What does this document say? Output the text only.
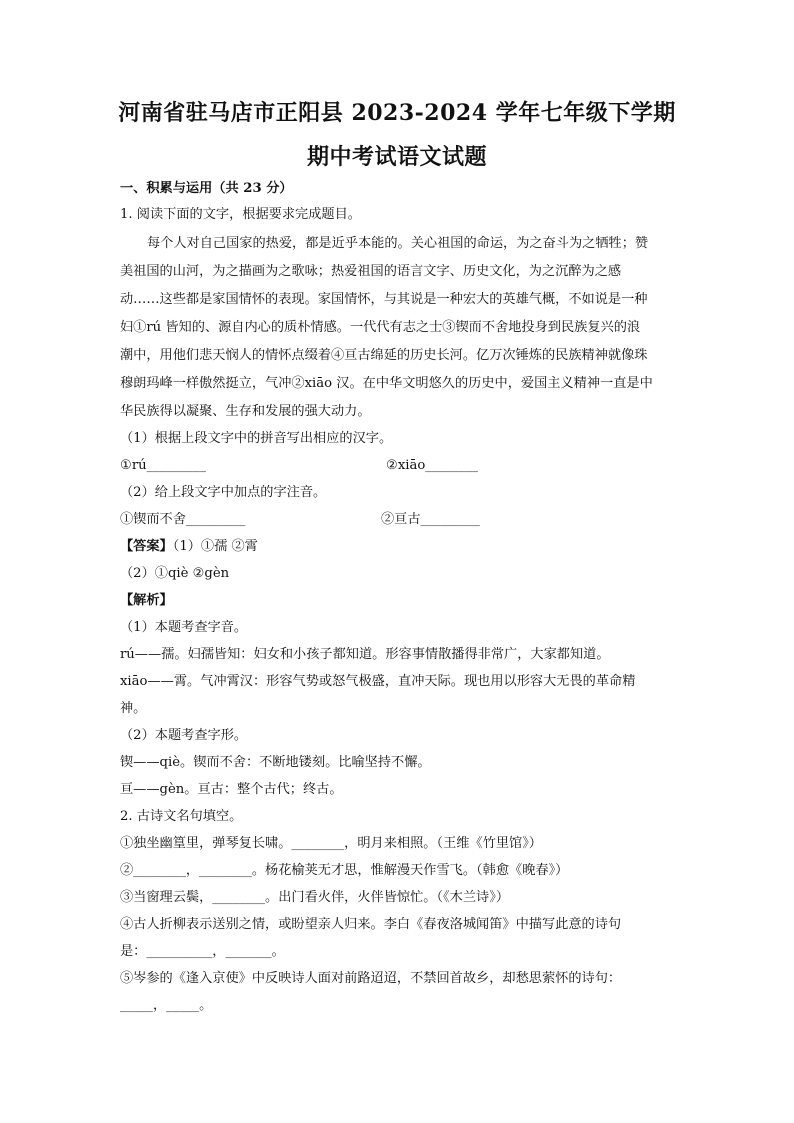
河南省驻马店市正阳县 2023-2024 学年七年级下学期
期中考试语文试题
一、积累与运用（共 23 分）
1. 阅读下面的文字，根据要求完成题目。
每个人对自己国家的热爱，都是近乎本能的。关心祖国的命运，为之奋斗为之牺牲；赞
美祖国的山河，为之描画为之歌咏；热爱祖国的语言文字、历史文化，为之沉醉为之感
动……这些都是家国情怀的表现。家国情怀，与其说是一种宏大的英雄气概，不如说是一种
妇①rú 皆知的、源自内心的质朴情感。一代代有志之士③锲而不舍地投身到民族复兴的浪
潮中，用他们悲天悯人的情怀点缀着④亘古绵延的历史长河。亿万次锤炼的民族精神就像珠
穆朗玛峰一样傲然挺立，气冲②xiāo 汉。在中华文明悠久的历史中，爱国主义精神一直是中
华民族得以凝聚、生存和发展的强大动力。
（1）根据上段文字中的拼音写出相应的汉字。
①rú_________	②xiāo________
（2）给上段文字中加点的字注音。
①锲而不舍_________	②亘古_________
【答案】（1）①孺 ②霄
（2）①qiè ②gèn
【解析】
（1）本题考查字音。
rú——孺。妇孺皆知：妇女和小孩子都知道。形容事情散播得非常广，大家都知道。
xiāo——霄。气冲霄汉：形容气势或怒气极盛，直冲天际。现也用以形容大无畏的革命精
神。
（2）本题考查字形。
锲——qiè。锲而不舍：不断地镂刻。比喻坚持不懈。
亘——gèn。亘古：整个古代；终古。
2. 古诗文名句填空。
①独坐幽篁里，弹琴复长啸。________，明月来相照。（王维《竹里馆》）
②________，________。杨花榆荚无才思，惟解漫天作雪飞。（韩愈《晚春》）
③当窗理云鬓，________。出门看火伴，火伴皆惊忙。（《木兰诗》）
④古人折柳表示送别之情，或盼望亲人归来。李白《春夜洛城闻笛》中描写此意的诗句
是：__________，_______。
⑤岑参的《逢入京使》中反映诗人面对前路迢迢，不禁回首故乡，却愁思萦怀的诗句：
_____，_____。
